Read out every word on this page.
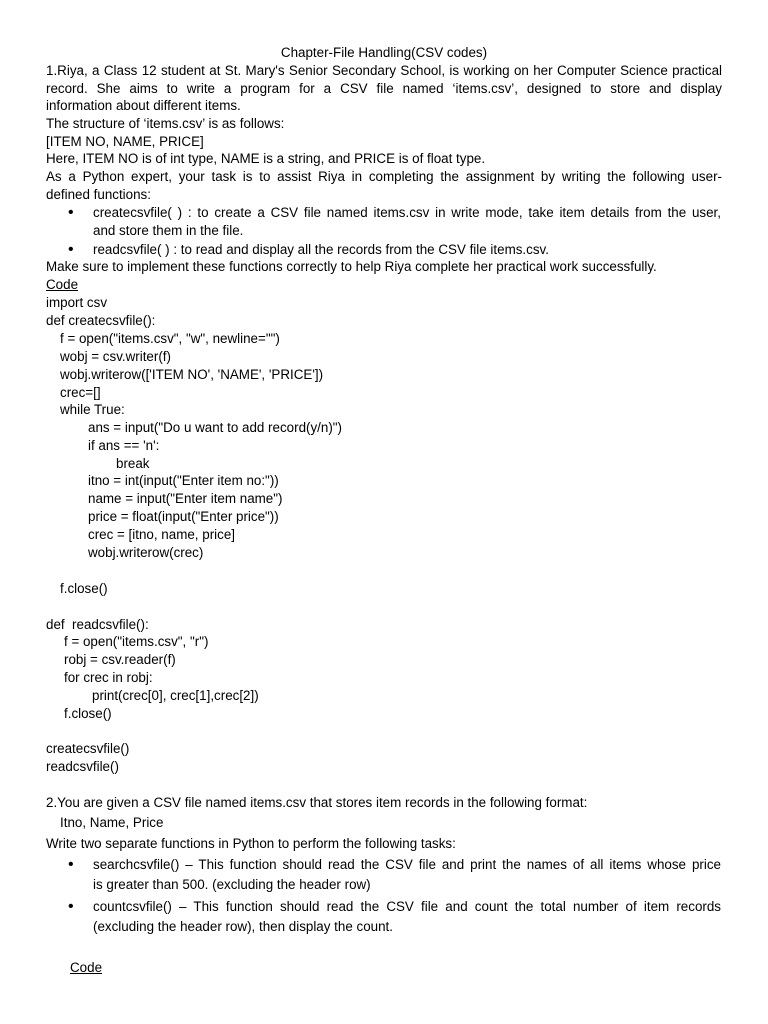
Chapter-File Handling(CSV codes)
1.Riya, a Class 12 student at St. Mary's Senior Secondary School, is working on her Computer Science practical
record. She aims to write a program for a CSV file named ‘items.csv’, designed to store and display
information about different items.
The structure of ‘items.csv’ is as follows:
[ITEM NO, NAME, PRICE]
Here, ITEM NO is of int type, NAME is a string, and PRICE is of float type.
As a Python expert, your task is to assist Riya in completing the assignment by writing the following user-
defined functions:
•
createcsvfile( ) : to create a CSV file named items.csv in write mode, take item details from the user,
and store them in the file.
•
readcsvfile( ) : to read and display all the records from the CSV file items.csv.
Make sure to implement these functions correctly to help Riya complete her practical work successfully.
Code
import csv
def createcsvfile():
f = open("items.csv", "w", newline="")
wobj = csv.writer(f)
wobj.writerow(['ITEM NO', 'NAME', 'PRICE'])
crec=[]
while True:
ans = input("Do u want to add record(y/n)")
if ans == 'n':
break
itno = int(input("Enter item no:"))
name = input("Enter item name")
price = float(input("Enter price"))
crec = [itno, name, price]
wobj.writerow(crec)
f.close()
def  readcsvfile():
f = open("items.csv", "r")
robj = csv.reader(f)
for crec in robj:
print(crec[0], crec[1],crec[2])
f.close()
createcsvfile()
readcsvfile()
2.You are given a CSV file named items.csv that stores item records in the following format:
Itno, Name, Price
Write two separate functions in Python to perform the following tasks:
•
searchcsvfile() – This function should read the CSV file and print the names of all items whose price
is greater than 500. (excluding the header row)
•
countcsvfile() – This function should read the CSV file and count the total number of item records
(excluding the header row), then display the count.
Code
